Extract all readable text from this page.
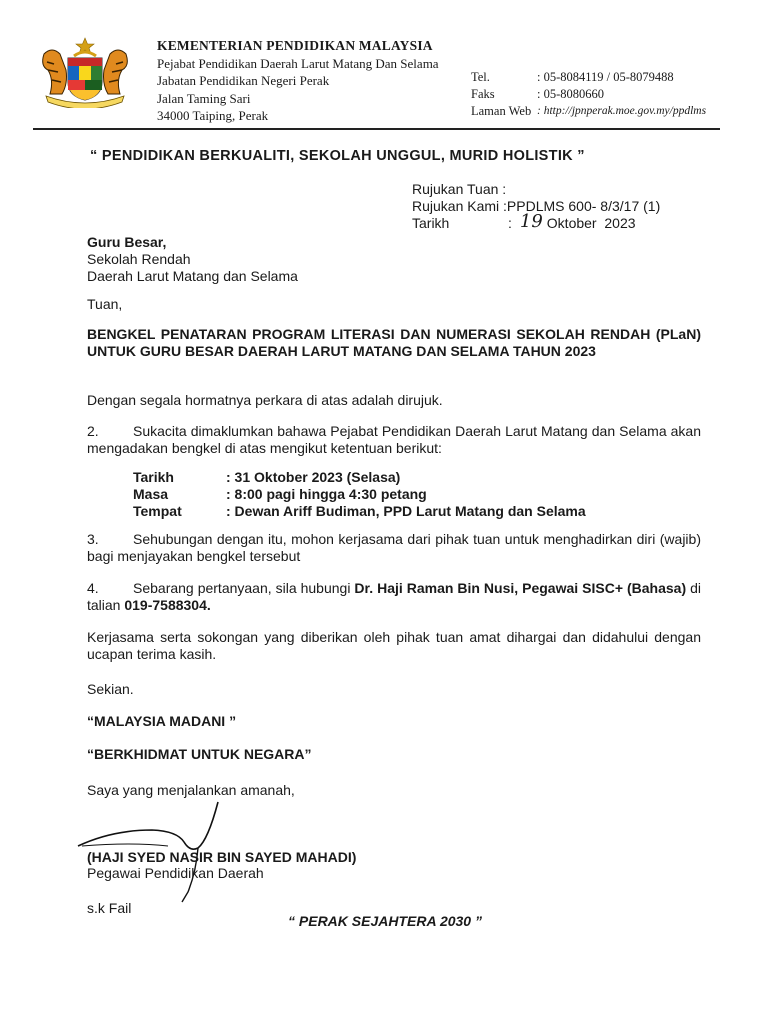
KEMENTERIAN PENDIDIKAN MALAYSIA
Pejabat Pendidikan Daerah Larut Matang Dan Selama
Jabatan Pendidikan Negeri Perak
Jalan Taming Sari
34000 Taiping, Perak
Tel.	: 05-8084119 / 05-8079488
Faks	: 05-8080660
Laman Web : http://jpnperak.moe.gov.my/ppdlms
“ PENDIDIKAN BERKUALITI, SEKOLAH UNGGUL, MURID HOLISTIK ”
Rujukan Tuan :
Rujukan Kami :PPDLMS 600- 8/3/17 (1)
Tarikh	: 19 Oktober  2023
Guru Besar,
Sekolah Rendah
Daerah Larut Matang dan Selama
Tuan,
BENGKEL PENATARAN PROGRAM LITERASI DAN NUMERASI SEKOLAH RENDAH (PLaN) UNTUK GURU BESAR DAERAH LARUT MATANG DAN SELAMA TAHUN 2023
Dengan segala hormatnya perkara di atas adalah dirujuk.
2. Sukacita dimaklumkan bahawa Pejabat Pendidikan Daerah Larut Matang dan Selama akan mengadakan bengkel di atas mengikut ketentuan berikut:
Tarikh	: 31 Oktober 2023 (Selasa)
Masa	: 8:00 pagi hingga 4:30 petang
Tempat	: Dewan Ariff Budiman, PPD Larut Matang dan Selama
3. Sehubungan dengan itu, mohon kerjasama dari pihak tuan untuk menghadirkan diri (wajib) bagi menjayakan bengkel tersebut
4. Sebarang pertanyaan, sila hubungi Dr. Haji Raman Bin Nusi, Pegawai SISC+ (Bahasa) di talian 019-7588304.
Kerjasama serta sokongan yang diberikan oleh pihak tuan amat dihargai dan didahului dengan ucapan terima kasih.
Sekian.
“MALAYSIA MADANI ”
“BERKHIDMAT UNTUK NEGARA”
Saya yang menjalankan amanah,
(HAJI SYED NASIR BIN SAYED MAHADI)
Pegawai Pendidikan Daerah
s.k Fail
“ PERAK SEJAHTERA 2030 ”
